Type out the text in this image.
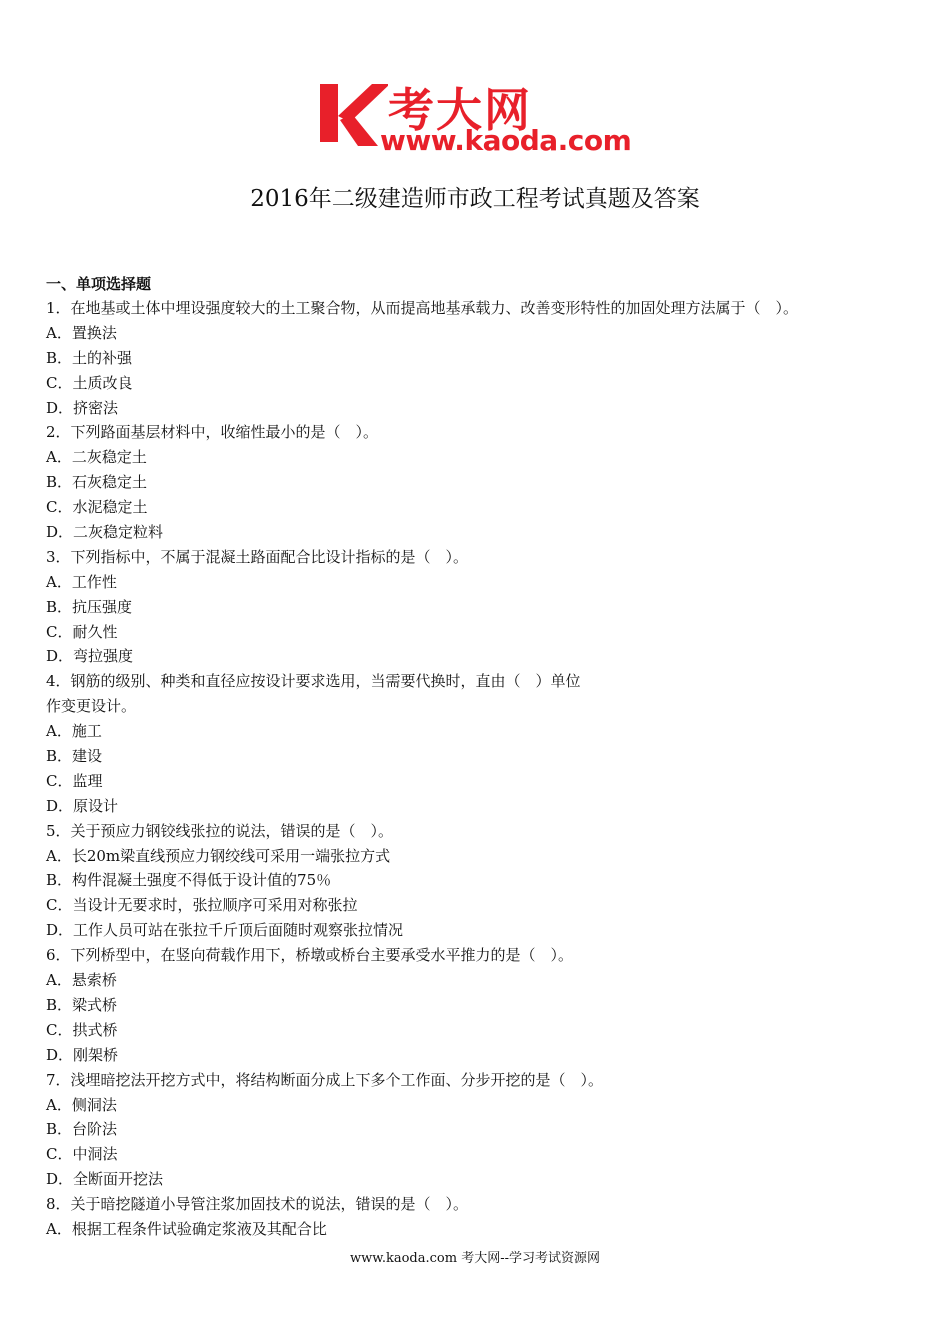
考大网
www.kaoda.com
2016年二级建造师市政工程考试真题及答案
一、单项选择题
1．在地基或土体中埋设强度较大的土工聚合物，从而提高地基承载力、改善变形特性的加固处理方法属于（　）。
A．置换法
B．土的补强
C．土质改良
D．挤密法
2．下列路面基层材料中，收缩性最小的是（　）。
A．二灰稳定土
B．石灰稳定土
C．水泥稳定土
D．二灰稳定粒料
3．下列指标中，不属于混凝土路面配合比设计指标的是（　）。
A．工作性
B．抗压强度
C．耐久性
D．弯拉强度
4．钢筋的级别、种类和直径应按设计要求选用，当需要代换时，直由（　）单位
作变更设计。
A．施工
B．建设
C．监理
D．原设计
5．关于预应力钢铰线张拉的说法，错误的是（　）。
A．长20m梁直线预应力钢绞线可采用一端张拉方式
B．构件混凝土强度不得低于设计值的75％
C．当设计无要求时，张拉顺序可采用对称张拉
D．工作人员可站在张拉千斤顶后面随时观察张拉情况
6．下列桥型中，在竖向荷载作用下，桥墩或桥台主要承受水平推力的是（　）。
A．悬索桥
B．梁式桥
C．拱式桥
D．刚架桥
7．浅埋暗挖法开挖方式中，将结构断面分成上下多个工作面、分步开挖的是（　）。
A．侧洞法
B．台阶法
C．中洞法
D．全断面开挖法
8．关于暗挖隧道小导管注浆加固技术的说法，错误的是（　）。
A．根据工程条件试验确定浆液及其配合比
www.kaoda.com 考大网--学习考试资源网
